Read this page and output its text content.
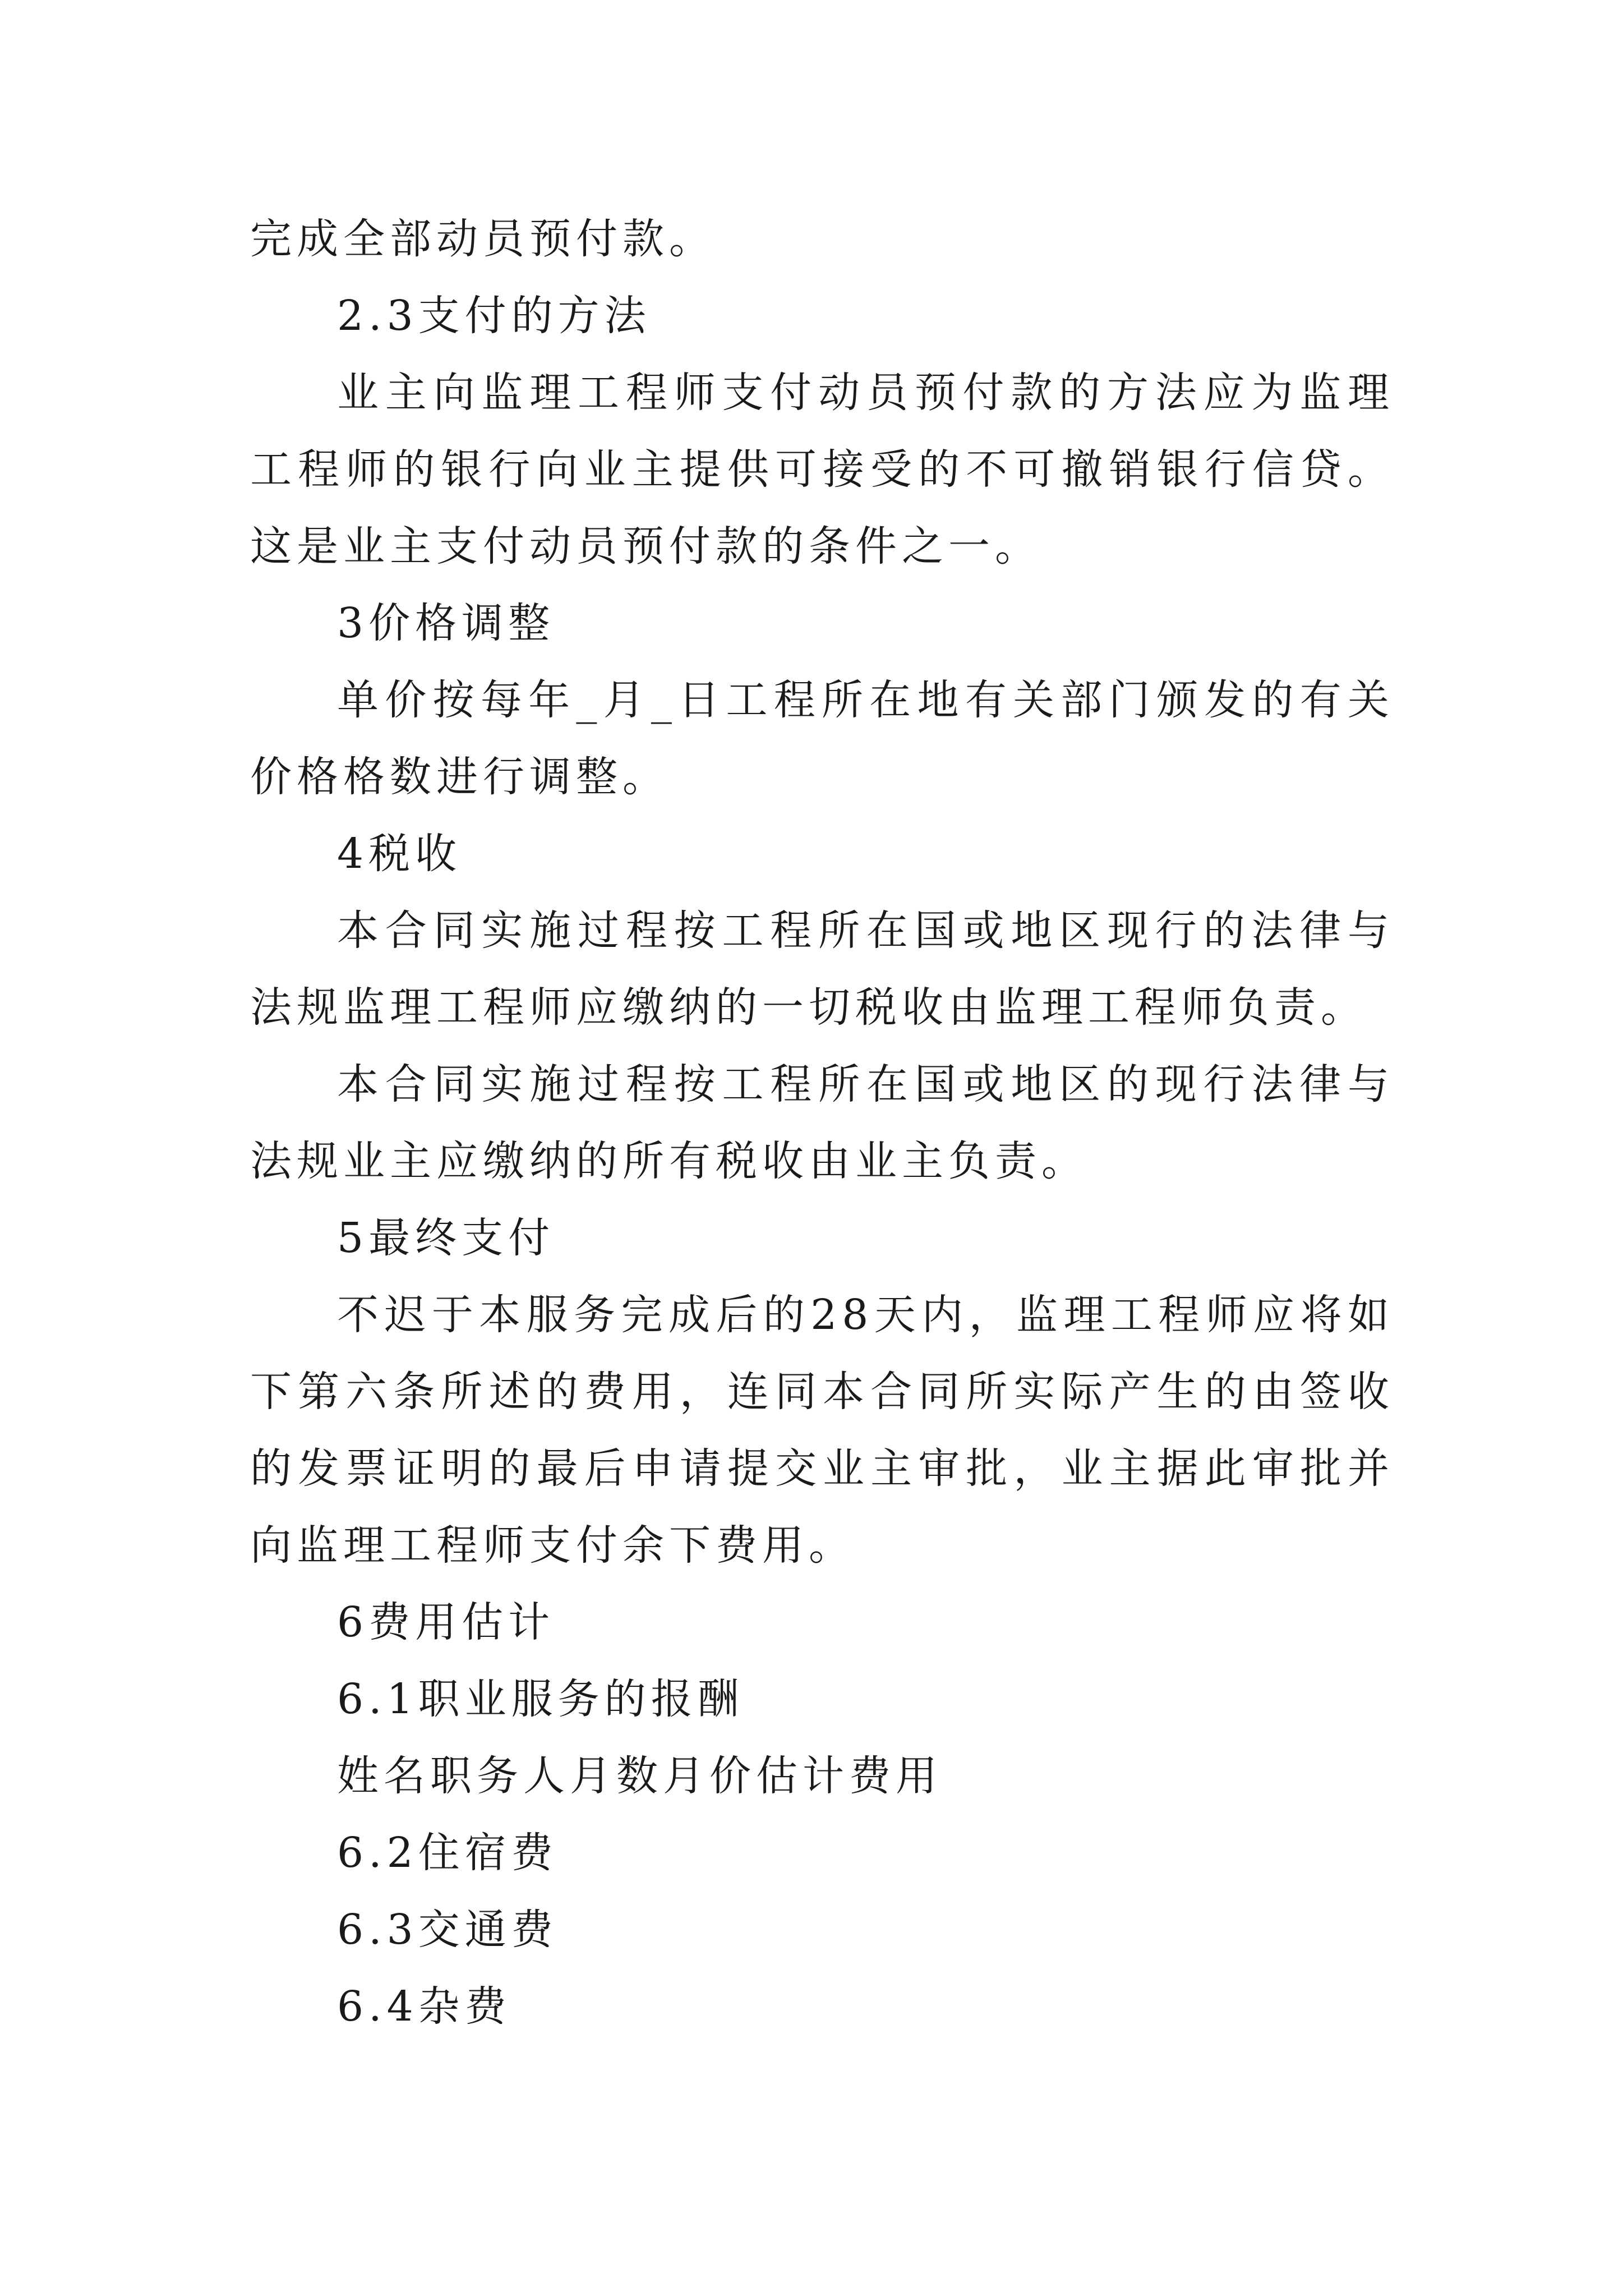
完成全部动员预付款。

2.3支付的方法

业主向监理工程师支付动员预付款的方法应为监理工程师的银行向业主提供可接受的不可撤销银行信贷。这是业主支付动员预付款的条件之一。

3价格调整

单价按每年_月_日工程所在地有关部门颁发的有关价格格数进行调整。

4税收

本合同实施过程按工程所在国或地区现行的法律与法规监理工程师应缴纳的一切税收由监理工程师负责。

本合同实施过程按工程所在国或地区的现行法律与法规业主应缴纳的所有税收由业主负责。

5最终支付

不迟于本服务完成后的28天内，监理工程师应将如下第六条所述的费用，连同本合同所实际产生的由签收的发票证明的最后申请提交业主审批，业主据此审批并向监理工程师支付余下费用。

6费用估计

6.1职业服务的报酬

姓名职务人月数月价估计费用

6.2住宿费

6.3交通费

6.4杂费
